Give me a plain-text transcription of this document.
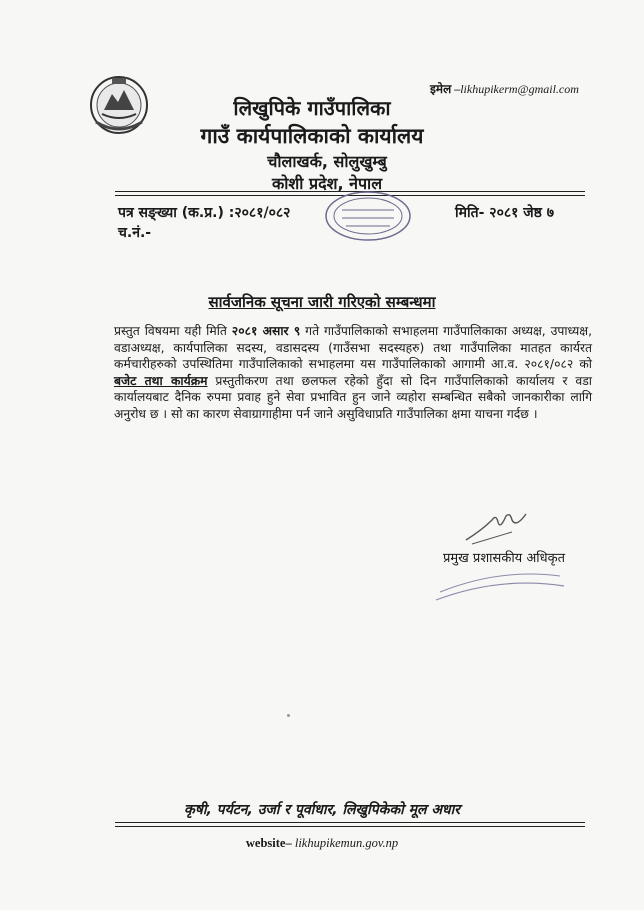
इमेल –likhupikerm@gmail.com
लिखुपिके गाउँपालिका
गाउँ कार्यपालिकाको कार्यालय
चौलाखर्क, सोलुखुम्बु
कोशी प्रदेश, नेपाल
पत्र सङ्ख्या (क.प्र.) :२०८१/०८२
च.नं.-
मिति- २०८१ जेष्ठ ७
सार्वजनिक सूचना जारी गरिएको सम्बन्धमा
प्रस्तुत विषयमा यही मिति २०८१ असार ९ गते गाउँपालिकाको सभाहलमा गाउँपालिकाका अध्यक्ष, उपाध्यक्ष, वडाअध्यक्ष, कार्यपालिका सदस्य, वडासदस्य (गाउँसभा सदस्यहरु) तथा गाउँपालिका मातहत कार्यरत कर्मचारीहरुको उपस्थितिमा गाउँपालिकाको सभाहलमा यस गाउँपालिकाको आगामी आ.व. २०८१/०८२ को बजेट तथा कार्यक्रम प्रस्तुतीकरण तथा छलफल रहेको हुँदा सो दिन गाउँपालिकाको कार्यालय र वडा कार्यालयबाट दैनिक रुपमा प्रवाह हुने सेवा प्रभावित हुन जाने व्यहोरा सम्बन्धित सबैको जानकारीका लागि अनुरोध छ । सो का कारण सेवाग्रागाहीमा पर्न जाने असुविधाप्रति गाउँपालिका क्षमा याचना गर्दछ ।
प्रमुख प्रशासकीय अधिकृत
कृषी, पर्यटन, उर्जा र पूर्वाधार, लिखुपिकेको मूल अधार
website– likhupikemun.gov.np
